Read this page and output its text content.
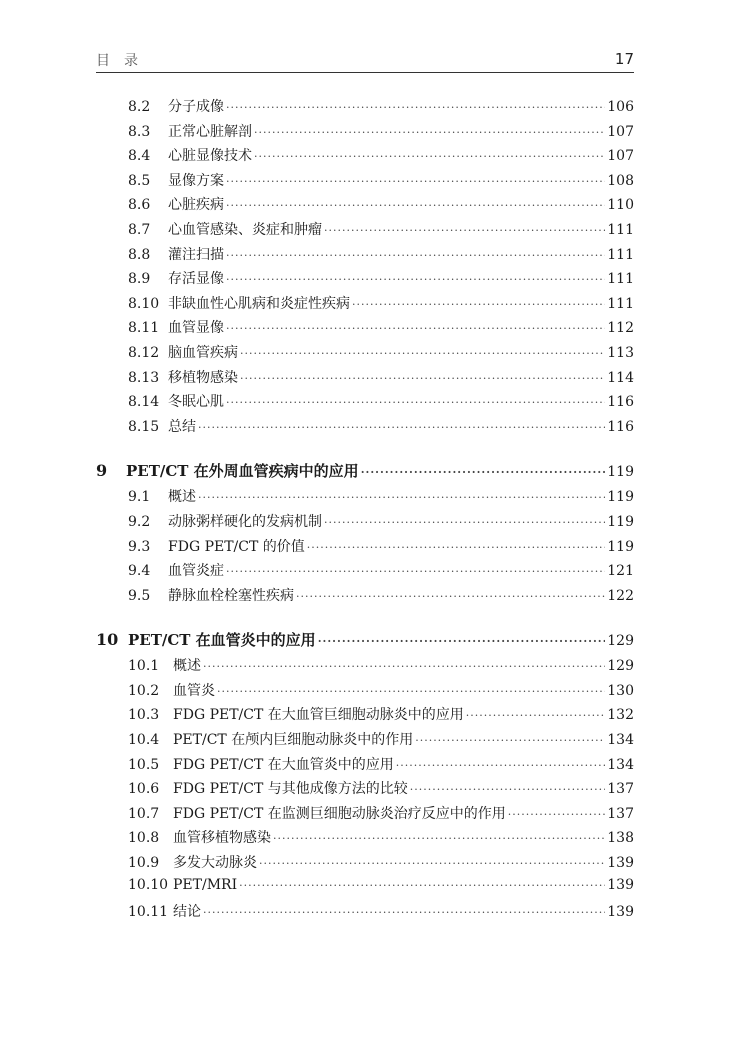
目录	17
8.2	分子成像 ·····	106
8.3	正常心脏解剖 ·····	107
8.4	心脏显像技术 ·····	107
8.5	显像方案 ·····	108
8.6	心脏疾病 ·····	110
8.7	心血管感染、炎症和肿瘤 ·····	111
8.8	灌注扫描 ·····	111
8.9	存活显像 ·····	111
8.10 非缺血性心肌病和炎症性疾病 ·····	111
8.11 血管显像 ·····	112
8.12 脑血管疾病 ·····	113
8.13 移植物感染 ·····	114
8.14 冬眠心肌 ·····	116
8.15 总结 ·····	116
9	PET/CT 在外周血管疾病中的应用 ·····	119
9.1	概述 ·····	119
9.2	动脉粥样硬化的发病机制 ·····	119
9.3	FDG PET/CT 的价值 ·····	119
9.4	血管炎症 ·····	121
9.5	静脉血栓栓塞性疾病 ·····	122
10 PET/CT 在血管炎中的应用 ·····	129
10.1 概述 ·····	129
10.2 血管炎 ·····	130
10.3 FDG PET/CT 在大血管巨细胞动脉炎中的应用 ·····	132
10.4 PET/CT 在颅内巨细胞动脉炎中的作用 ·····	134
10.5 FDG PET/CT 在大血管炎中的应用 ·····	134
10.6 FDG PET/CT 与其他成像方法的比较 ·····	137
10.7 FDG PET/CT 在监测巨细胞动脉炎治疗反应中的作用 ·····	137
10.8 血管移植物感染 ·····	138
10.9 多发大动脉炎 ·····	139
10.10 PET/MRI ·····	139
10.11 结论 ·····	139
